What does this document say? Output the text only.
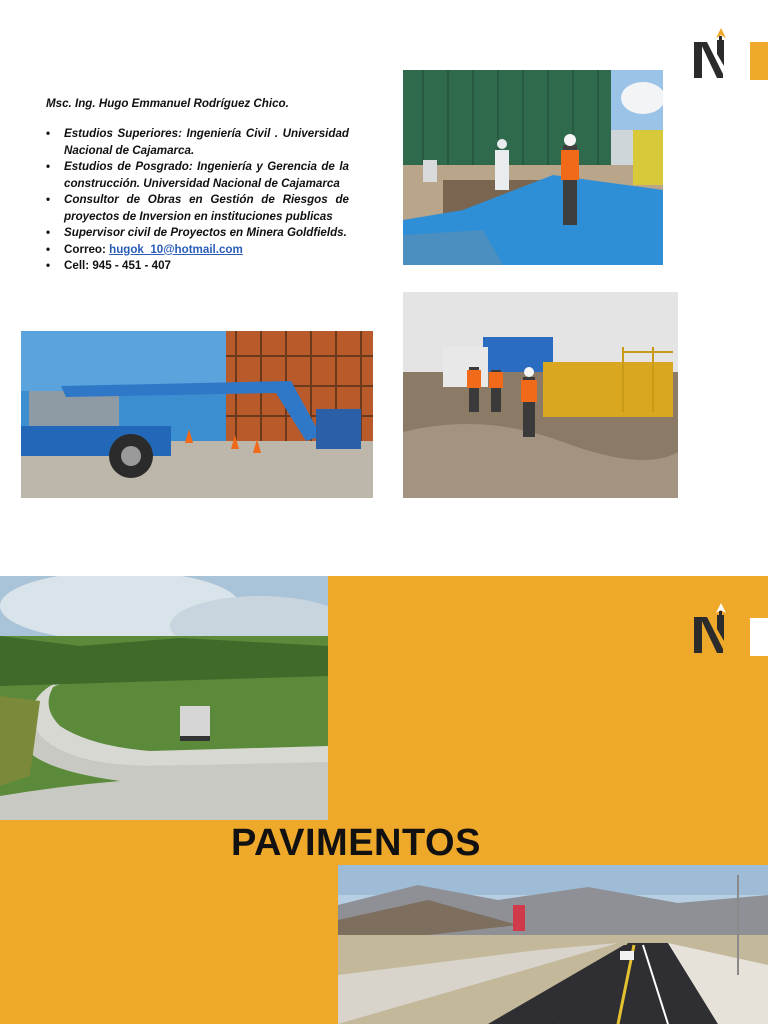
Msc. Ing. Hugo Emmanuel Rodríguez Chico.

• Estudios Superiores: Ingeniería Civil . Universidad Nacional de Cajamarca.
• Estudios de Posgrado: Ingeniería y Gerencia de la construcción. Universidad Nacional de Cajamarca
• Consultor de Obras en Gestión de Riesgos de proyectos de Inversion en instituciones publicas
• Supervisor civil de Proyectos en Minera Goldfields.
• Correo: hugok_10@hotmail.com
• Cell: 945 - 451 - 407
PAVIMENTOS
